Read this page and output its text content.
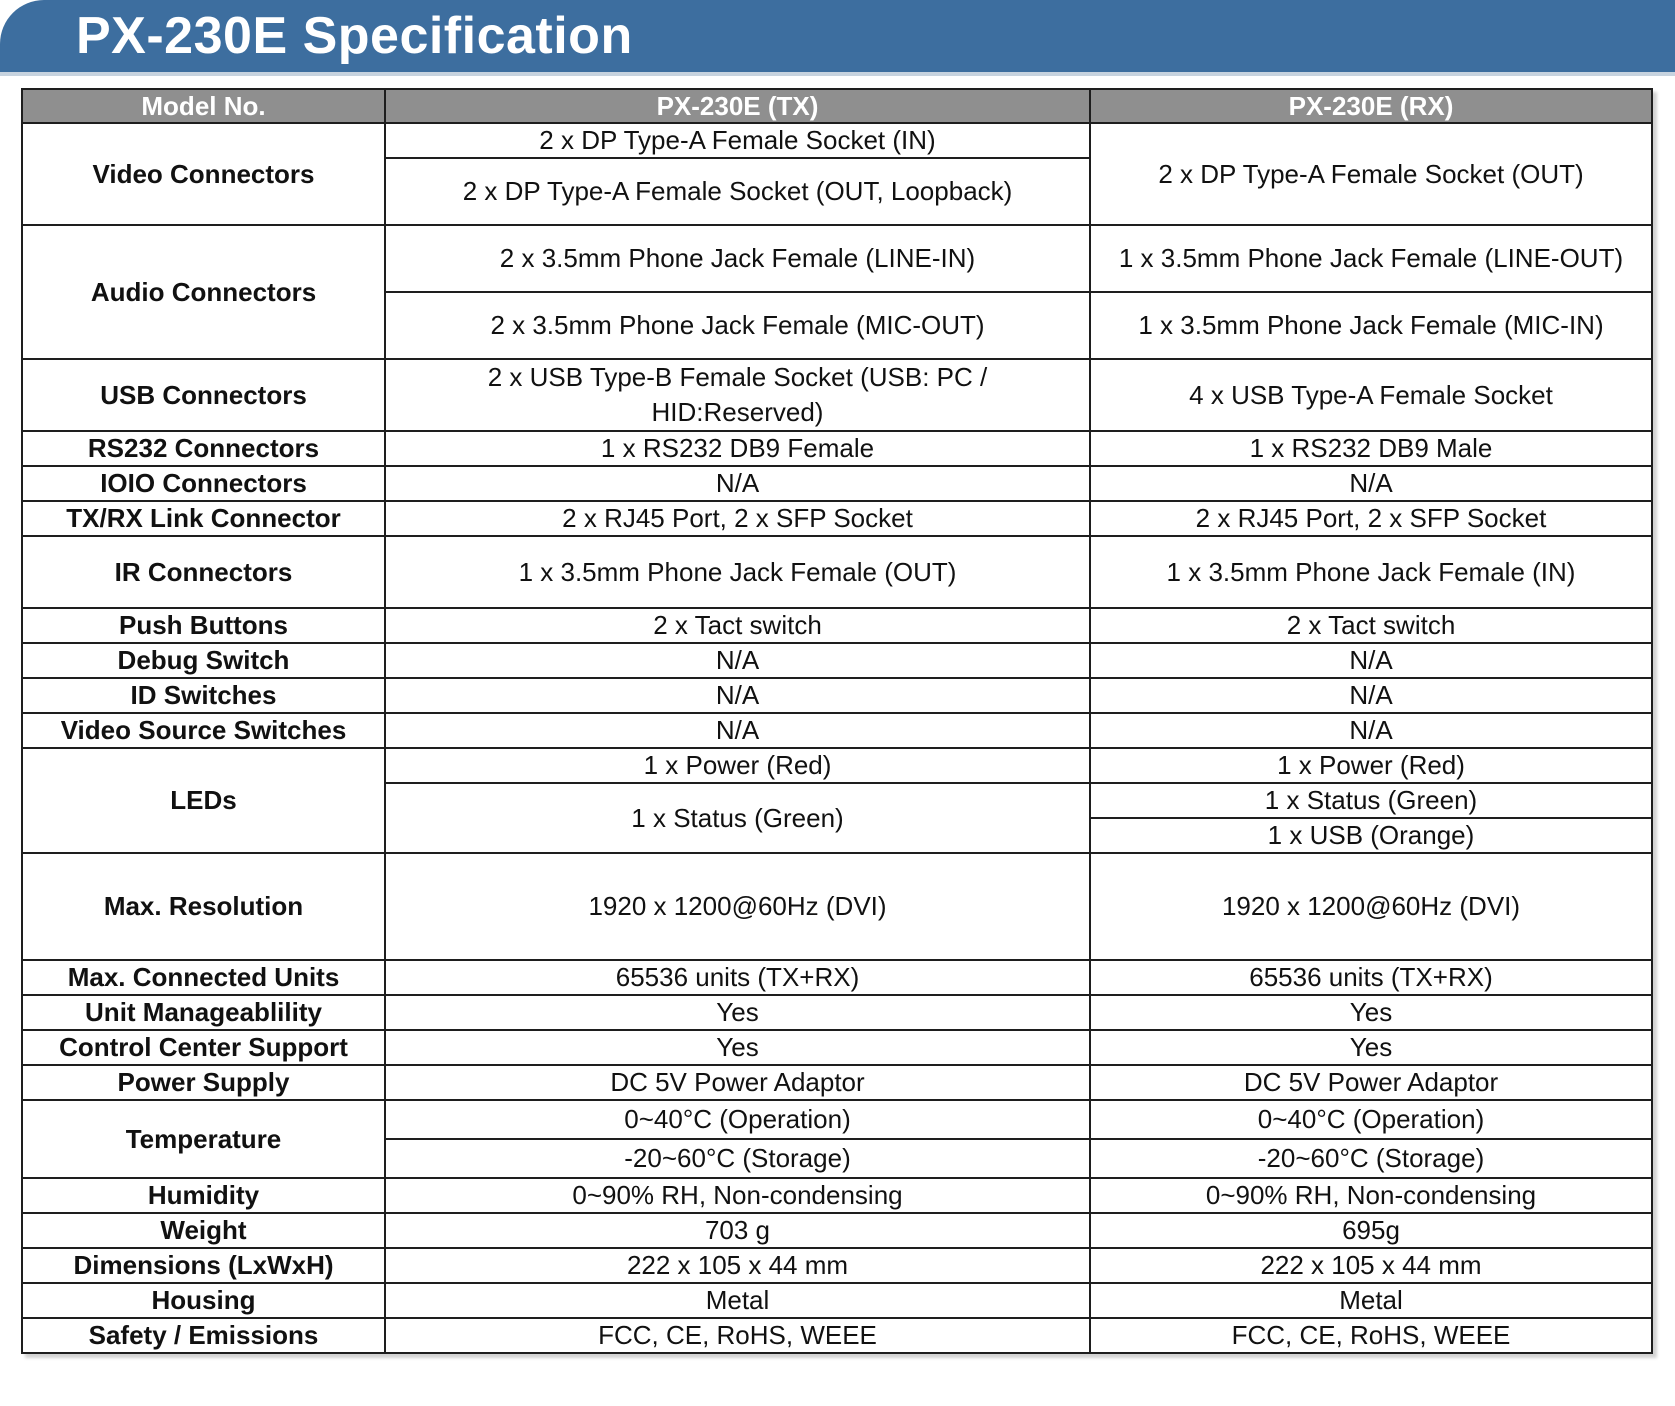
PX-230E Specification
Model No.	PX-230E (TX)	PX-230E (RX)
Video Connectors	2 x DP Type-A Female Socket (IN)	2 x DP Type-A Female Socket (OUT)
	2 x DP Type-A Female Socket (OUT, Loopback)	
Audio Connectors	2 x 3.5mm Phone Jack Female (LINE-IN)	1 x 3.5mm Phone Jack Female (LINE-OUT)
	2 x 3.5mm Phone Jack Female (MIC-OUT)	1 x 3.5mm Phone Jack Female (MIC-IN)
USB Connectors	2 x USB Type-B Female Socket (USB: PC / HID:Reserved)	4 x USB Type-A Female Socket
RS232 Connectors	1 x RS232 DB9 Female	1 x RS232 DB9 Male
IOIO Connectors	N/A	N/A
TX/RX Link Connector	2 x RJ45 Port, 2 x SFP Socket	2 x RJ45 Port, 2 x SFP Socket
IR Connectors	1 x 3.5mm Phone Jack Female (OUT)	1 x 3.5mm Phone Jack Female (IN)
Push Buttons	2 x Tact switch	2 x Tact switch
Debug Switch	N/A	N/A
ID Switches	N/A	N/A
Video Source Switches	N/A	N/A
LEDs	1 x Power (Red)	1 x Power (Red)
	1 x Status (Green)	1 x Status (Green)
		1 x USB (Orange)
Max. Resolution	1920 x 1200@60Hz (DVI)	1920 x 1200@60Hz (DVI)
Max. Connected Units	65536 units (TX+RX)	65536 units (TX+RX)
Unit Manageablility	Yes	Yes
Control Center Support	Yes	Yes
Power Supply	DC 5V Power Adaptor	DC 5V Power Adaptor
Temperature	0~40°C (Operation)	0~40°C (Operation)
	-20~60°C (Storage)	-20~60°C (Storage)
Humidity	0~90% RH, Non-condensing	0~90% RH, Non-condensing
Weight	703 g	695g
Dimensions (LxWxH)	222 x 105 x 44 mm	222 x 105 x 44 mm
Housing	Metal	Metal
Safety / Emissions	FCC, CE, RoHS, WEEE	FCC, CE, RoHS, WEEE
